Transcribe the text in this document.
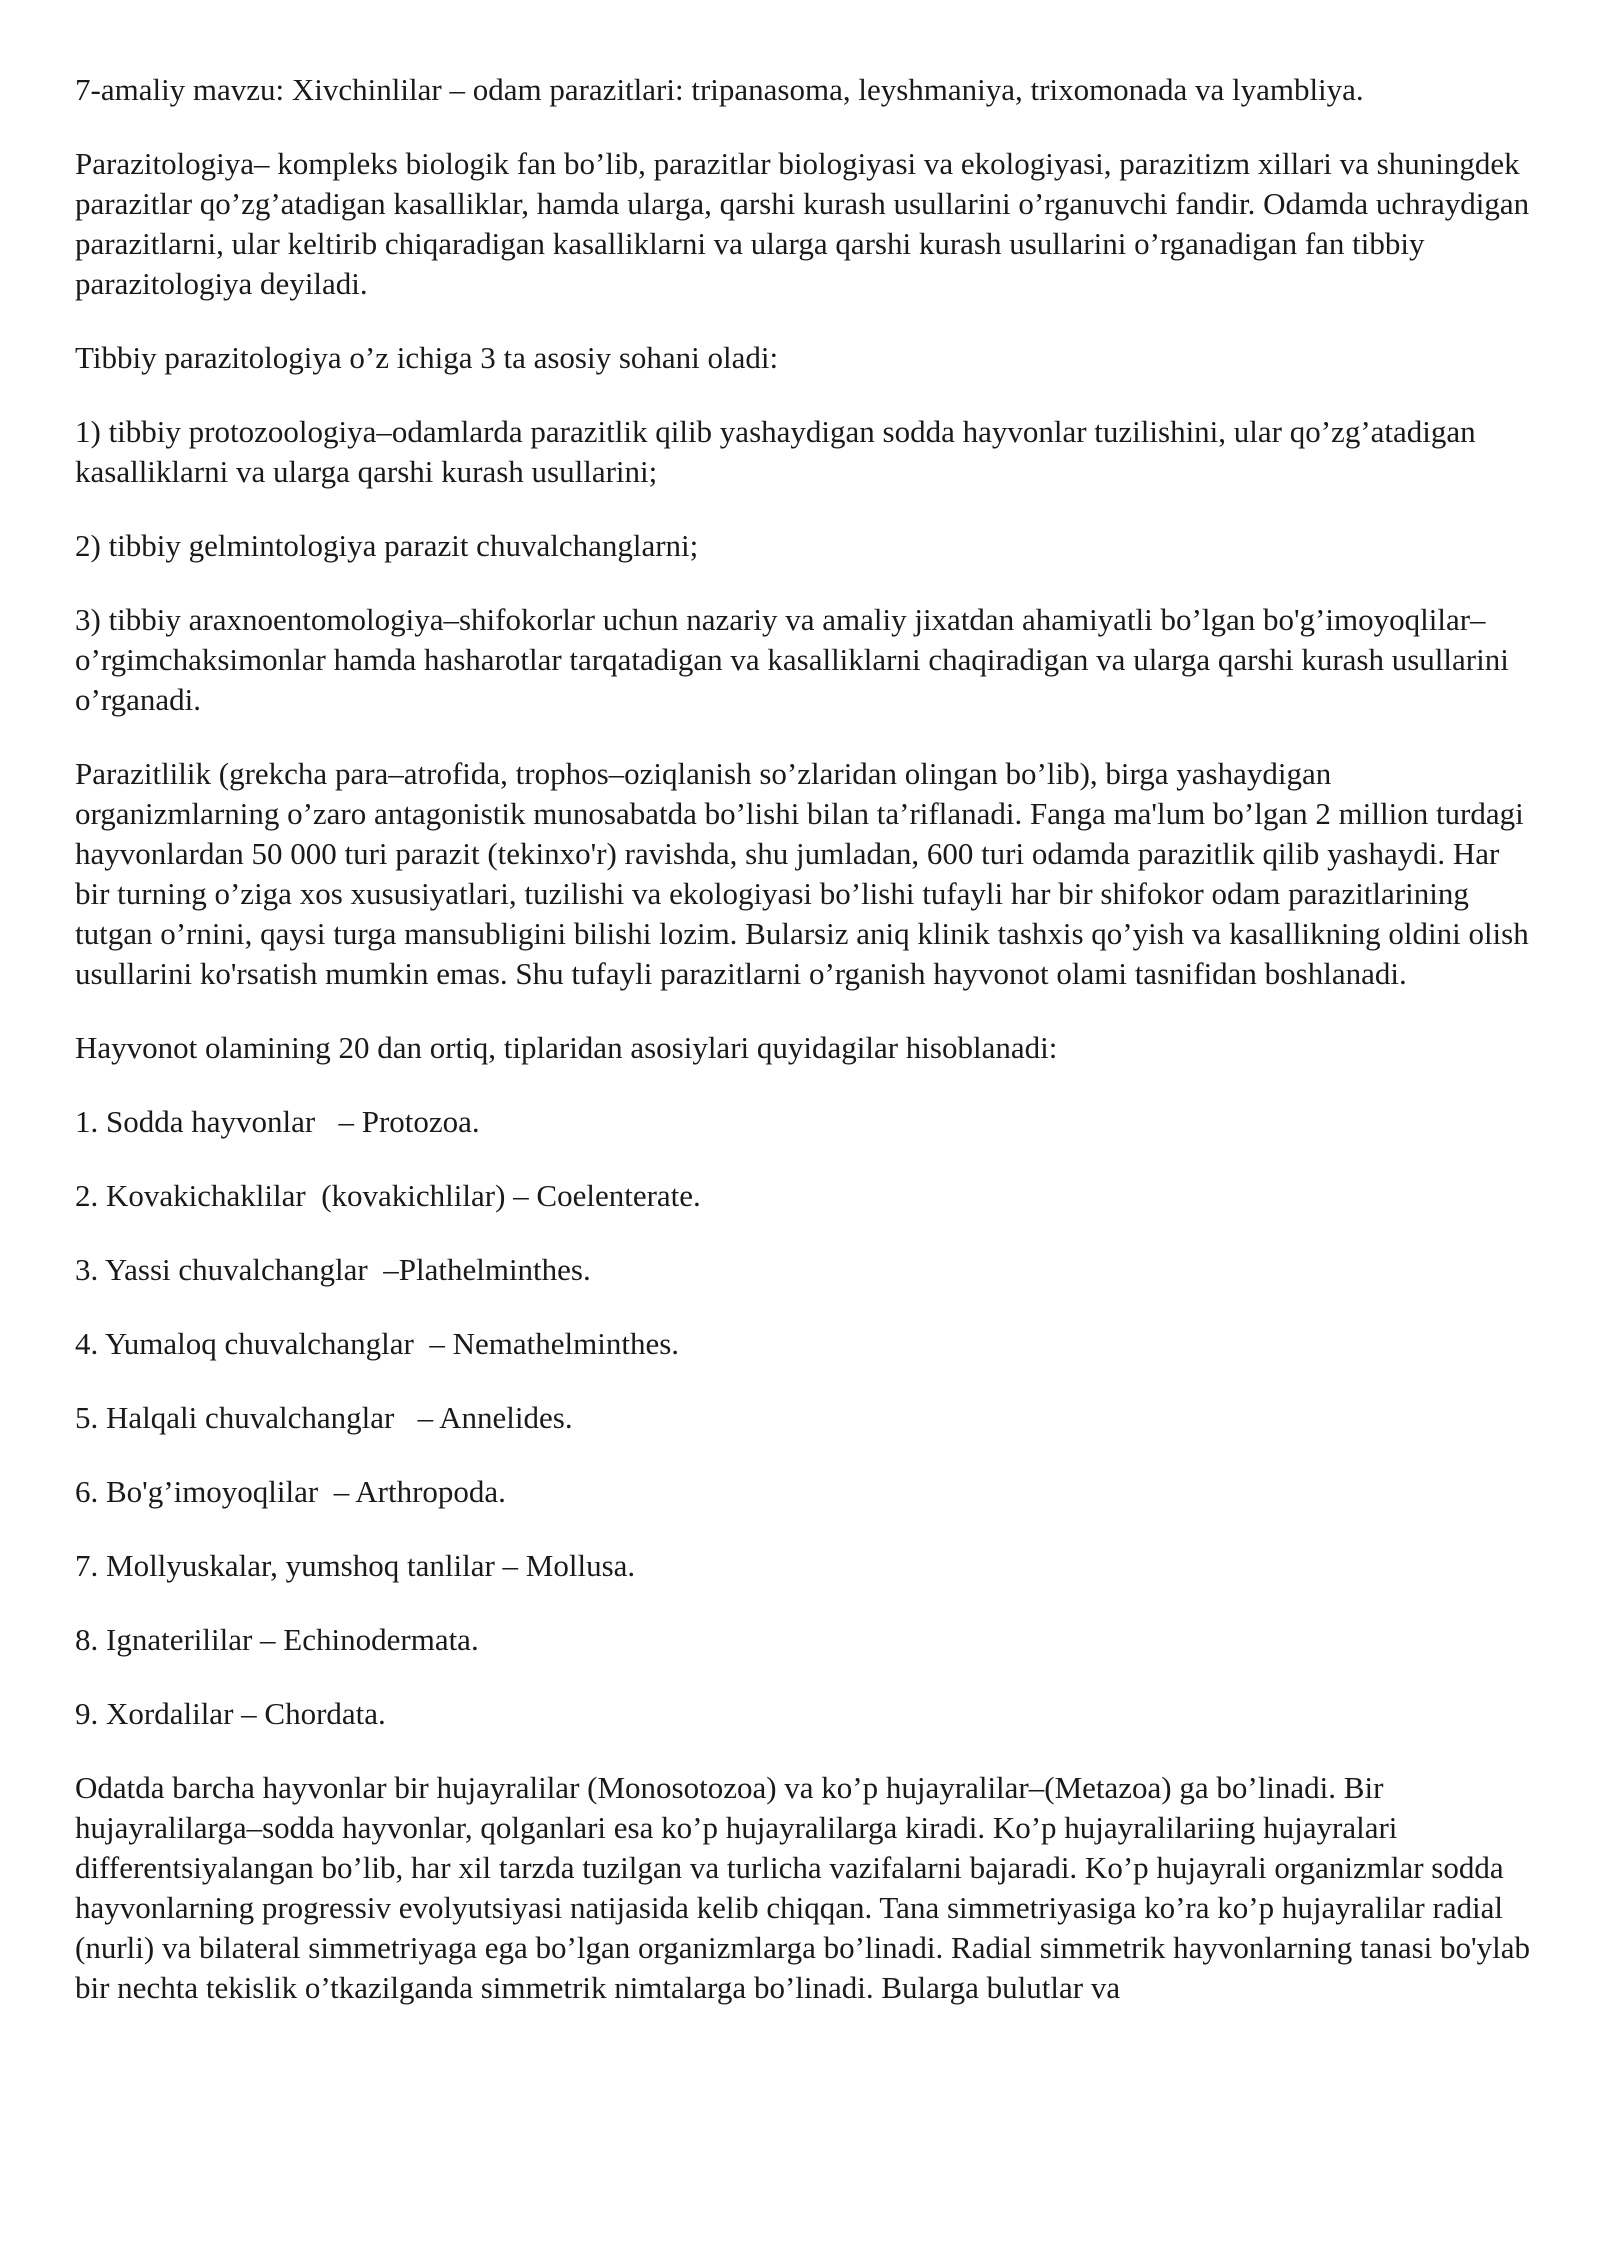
7-amaliy mavzu: Xivchinlilar – odam parazitlari: tripanasoma, leyshmaniya, trixomonada va lyambliya.

Parazitologiya– kompleks biologik fan bo’lib, parazitlar biologiyasi va ekologiyasi, parazitizm xillari va shuningdek parazitlar qo’zg’atadigan kasalliklar, hamda ularga, qarshi kurash usullarini o’rganuvchi fandir. Odamda uchraydigan parazitlarni, ular keltirib chiqaradigan kasalliklarni va ularga qarshi kurash usullarini o’rganadigan fan tibbiy parazitologiya deyiladi.

Tibbiy parazitologiya o’z ichiga 3 ta asosiy sohani oladi:

1) tibbiy protozoologiya–odamlarda parazitlik qilib yashaydigan sodda hayvonlar tuzilishini, ular qo’zg’atadigan kasalliklarni va ularga qarshi kurash usullarini;

2) tibbiy gelmintologiya parazit chuvalchanglarni;

3) tibbiy araxnoentomologiya–shifokorlar uchun nazariy va amaliy jixatdan ahamiyatli bo’lgan bo'g’imoyoqlilar–o’rgimchaksimonlar hamda hasharotlar tarqatadigan va kasalliklarni chaqiradigan va ularga qarshi kurash usullarini o’rganadi.

Parazitlilik (grekcha para–atrofida, trophos–oziqlanish so’zlaridan olingan bo’lib), birga yashaydigan organizmlarning o’zaro antagonistik munosabatda bo’lishi bilan ta’riflanadi. Fanga ma'lum bo’lgan 2 million turdagi hayvonlardan 50 000 turi parazit (tekinxo'r) ravishda, shu jumladan, 600 turi odamda parazitlik qilib yashaydi. Har bir turning o’ziga xos xususiyatlari, tuzilishi va ekologiyasi bo’lishi tufayli har bir shifokor odam parazitlarining tutgan o’rnini, qaysi turga mansubligini bilishi lozim. Bularsiz aniq klinik tashxis qo’yish va kasallikning oldini olish usullarini ko'rsatish mumkin emas. Shu tufayli parazitlarni o’rganish hayvonot olami tasnifidan boshlanadi.

Hayvonot olamining 20 dan ortiq, tiplaridan asosiylari quyidagilar hisoblanadi:

1. Sodda hayvonlar   – Protozoa.

2. Kovakichaklilar  (kovakichlilar) – Coelenterate.

3. Yassi chuvalchanglar  –Plathelminthes.

4. Yumaloq chuvalchanglar  – Nemathelminthes.

5. Halqali chuvalchanglar   – Annelides.

6. Bo'g’imoyoqlilar  – Arthropoda.

7. Mollyuskalar, yumshoq tanlilar – Mollusa.

8. Ignaterililar – Echinodermata.

9. Xordalilar – Chordata.

Odatda barcha hayvonlar bir hujayralilar (Monosotozoa) va ko’p hujayralilar–(Metazoa) ga bo’linadi. Bir hujayralilarga–sodda hayvonlar, qolganlari esa ko’p hujayralilarga kiradi. Ko’p hujayralilariing hujayralari differentsiyalangan bo’lib, har xil tarzda tuzilgan va turlicha vazifalarni bajaradi. Ko’p hujayrali organizmlar sodda hayvonlarning progressiv evolyutsiyasi natijasida kelib chiqqan. Tana simmetriyasiga ko’ra ko’p hujayralilar radial (nurli) va bilateral simmetriyaga ega bo’lgan organizmlarga bo’linadi. Radial simmetrik hayvonlarning tanasi bo'ylab bir nechta tekislik o’tkazilganda simmetrik nimtalarga bo’linadi. Bularga bulutlar va
